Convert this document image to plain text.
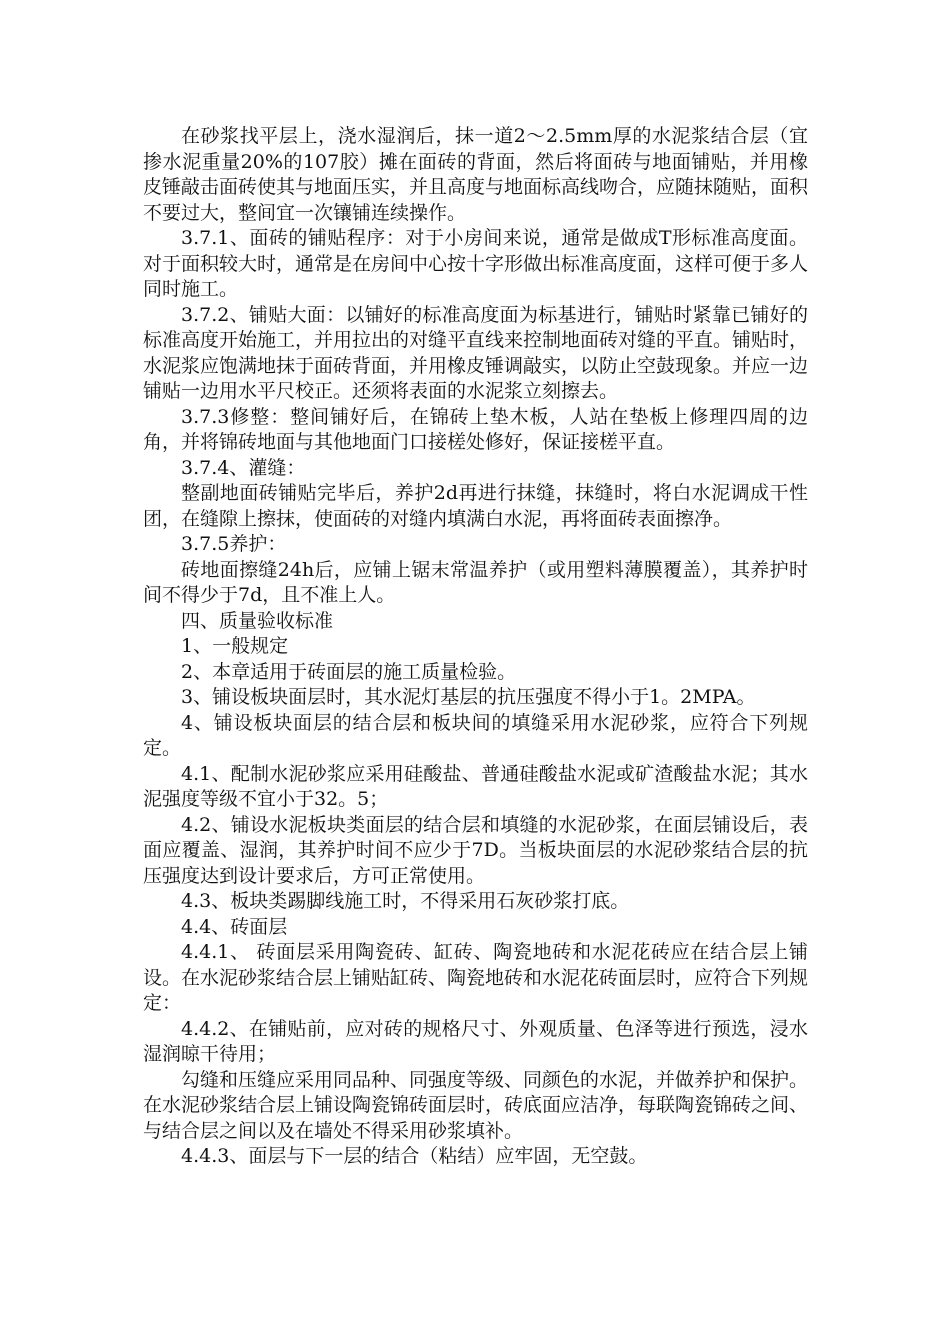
在砂浆找平层上，浇水湿润后，抹一道2～2.5mm厚的水泥浆结合层（宜掺水泥重量20%的107胶）摊在面砖的背面，然后将面砖与地面铺贴，并用橡皮锤敲击面砖使其与地面压实，并且高度与地面标高线吻合，应随抹随贴，面积不要过大，整间宜一次镶铺连续操作。

3.7.1、面砖的铺贴程序：对于小房间来说，通常是做成T形标准高度面。对于面积较大时，通常是在房间中心按十字形做出标准高度面，这样可便于多人同时施工。

3.7.2、铺贴大面：以铺好的标准高度面为标基进行，铺贴时紧靠已铺好的标准高度开始施工，并用拉出的对缝平直线来控制地面砖对缝的平直。铺贴时，水泥浆应饱满地抹于面砖背面，并用橡皮锤调敲实，以防止空鼓现象。并应一边铺贴一边用水平尺校正。还须将表面的水泥浆立刻擦去。

3.7.3修整：整间铺好后，在锦砖上垫木板，人站在垫板上修理四周的边角，并将锦砖地面与其他地面门口接槎处修好，保证接槎平直。

3.7.4、灌缝：

整副地面砖铺贴完毕后，养护2d再进行抹缝，抹缝时，将白水泥调成干性团，在缝隙上擦抹，使面砖的对缝内填满白水泥，再将面砖表面擦净。

3.7.5养护：

砖地面擦缝24h后，应铺上锯末常温养护（或用塑料薄膜覆盖），其养护时间不得少于7d，且不准上人。

四、质量验收标准

1、一般规定

2、本章适用于砖面层的施工质量检验。

3、铺设板块面层时，其水泥灯基层的抗压强度不得小于1。2MPA。

4、铺设板块面层的结合层和板块间的填缝采用水泥砂浆，应符合下列规定。

4.1、配制水泥砂浆应采用硅酸盐、普通硅酸盐水泥或矿渣酸盐水泥；其水泥强度等级不宜小于32。5；

4.2、铺设水泥板块类面层的结合层和填缝的水泥砂浆，在面层铺设后，表面应覆盖、湿润，其养护时间不应少于7D。当板块面层的水泥砂浆结合层的抗压强度达到设计要求后，方可正常使用。

4.3、板块类踢脚线施工时，不得采用石灰砂浆打底。

4.4、砖面层

4.4.1、 砖面层采用陶瓷砖、缸砖、陶瓷地砖和水泥花砖应在结合层上铺设。在水泥砂浆结合层上铺贴缸砖、陶瓷地砖和水泥花砖面层时，应符合下列规定：

4.4.2、在铺贴前，应对砖的规格尺寸、外观质量、色泽等进行预选，浸水湿润晾干待用；

勾缝和压缝应采用同品种、同强度等级、同颜色的水泥，并做养护和保护。在水泥砂浆结合层上铺设陶瓷锦砖面层时，砖底面应洁净，每联陶瓷锦砖之间、与结合层之间以及在墙处不得采用砂浆填补。

4.4.3、面层与下一层的结合（粘结）应牢固，无空鼓。
